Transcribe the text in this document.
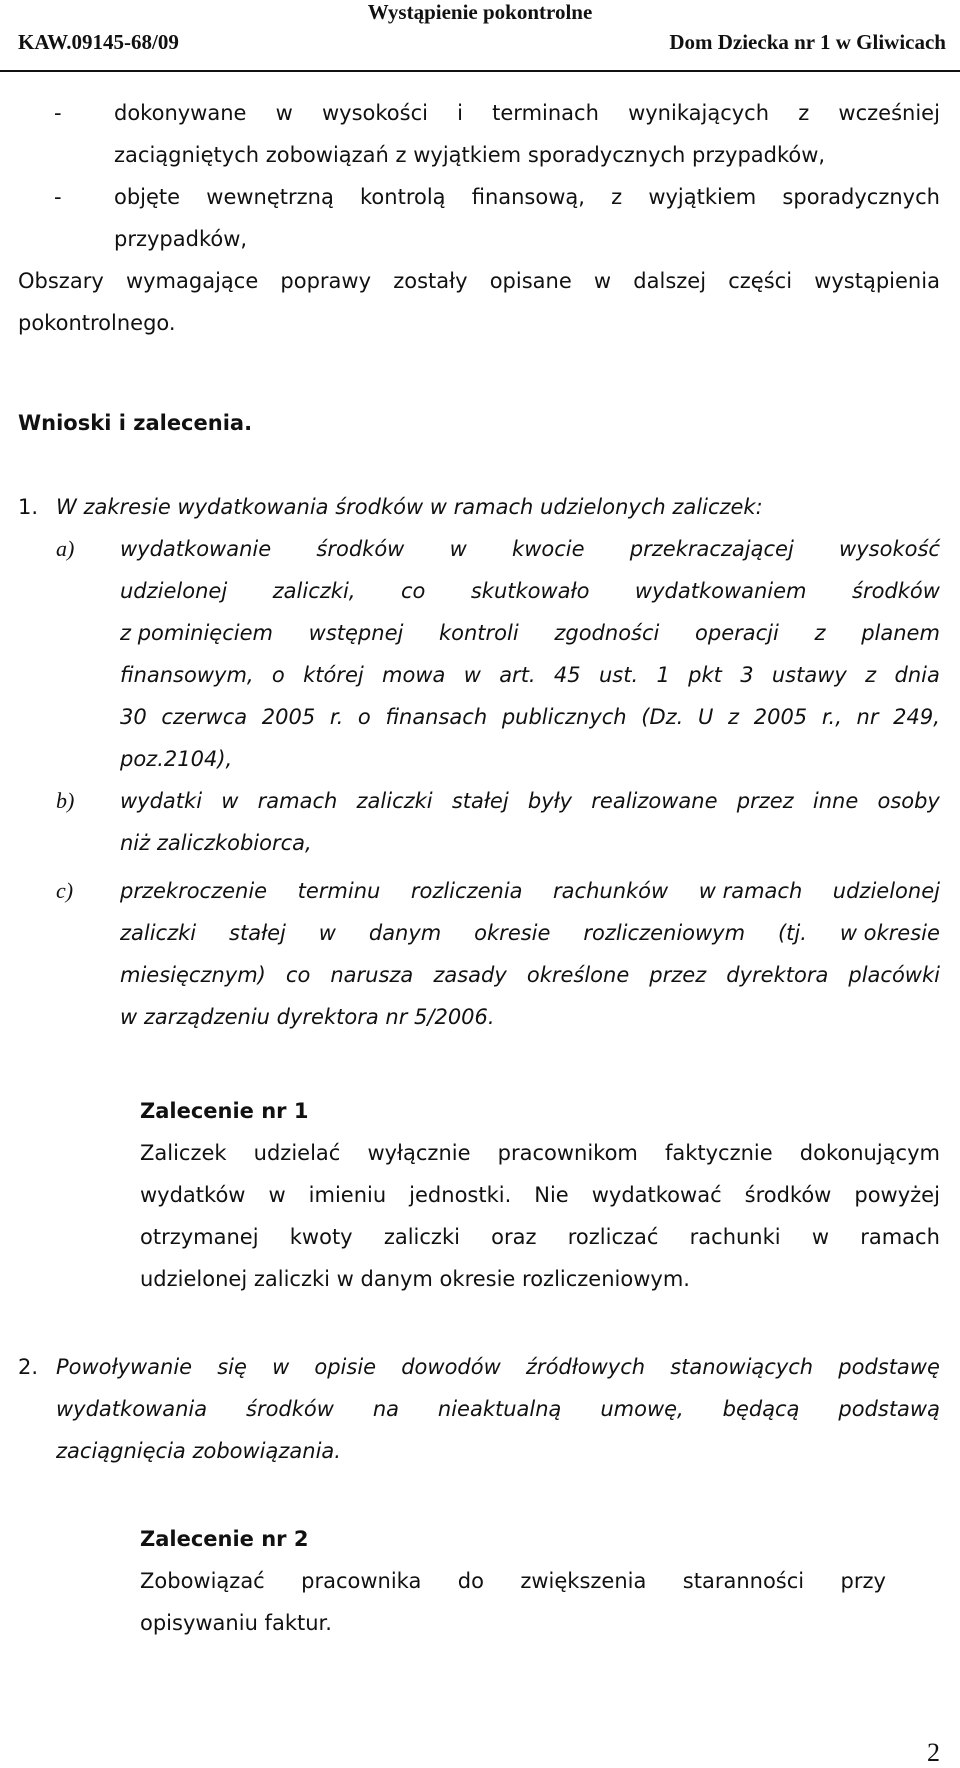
Wystąpienie pokontrolne
KAW.09145-68/09	Dom Dziecka nr 1 w Gliwicach
- dokonywane w wysokości i terminach wynikających z wcześniej
zaciągniętych zobowiązań z wyjątkiem sporadycznych przypadków,
- objęte wewnętrzną kontrolą finansową, z wyjątkiem sporadycznych
przypadków,
Obszary wymagające poprawy zostały opisane w dalszej części wystąpienia
pokontrolnego.
Wnioski i zalecenia.
1. W zakresie wydatkowania środków w ramach udzielonych zaliczek:
a) wydatkowanie środków w kwocie przekraczającej wysokość
udzielonej zaliczki, co skutkowało wydatkowaniem środków
z pominięciem wstępnej kontroli zgodności operacji z planem
finansowym, o której mowa w art. 45 ust. 1 pkt 3 ustawy z dnia
30 czerwca 2005 r. o finansach publicznych (Dz. U z 2005 r., nr 249,
poz.2104),
b) wydatki w ramach zaliczki stałej były realizowane przez inne osoby
niż zaliczkobiorca,
c) przekroczenie terminu rozliczenia rachunków w ramach udzielonej
zaliczki stałej w danym okresie rozliczeniowym (tj. w okresie
miesięcznym) co narusza zasady określone przez dyrektora placówki
w zarządzeniu dyrektora nr 5/2006.
Zalecenie nr 1
Zaliczek udzielać wyłącznie pracownikom faktycznie dokonującym
wydatków w imieniu jednostki. Nie wydatkować środków powyżej
otrzymanej kwoty zaliczki oraz rozliczać rachunki w ramach
udzielonej zaliczki w danym okresie rozliczeniowym.
2. Powoływanie się w opisie dowodów źródłowych stanowiących podstawę
wydatkowania środków na nieaktualną umowę, będącą podstawą
zaciągnięcia zobowiązania.
Zalecenie nr 2
Zobowiązać pracownika do zwiększenia staranności przy
opisywaniu faktur.
2
